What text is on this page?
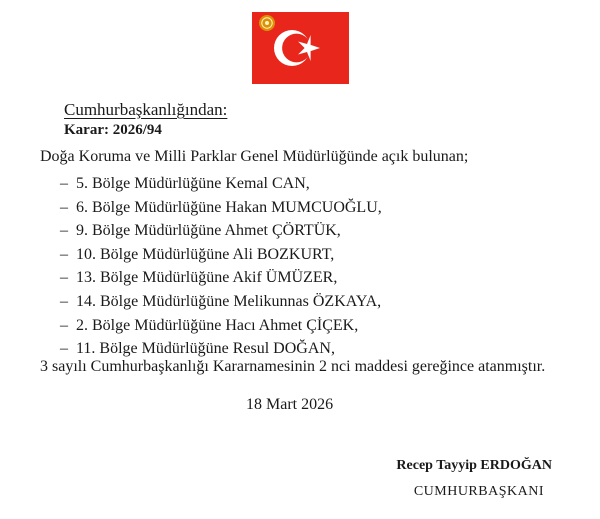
Cumhurbaşkanlığından:
Karar: 2026/94
Doğa Koruma ve Milli Parklar Genel Müdürlüğünde açık bulunan;
– 5. Bölge Müdürlüğüne Kemal CAN,
– 6. Bölge Müdürlüğüne Hakan MUMCUOĞLU,
– 9. Bölge Müdürlüğüne Ahmet ÇÖRTÜK,
– 10. Bölge Müdürlüğüne Ali BOZKURT,
– 13. Bölge Müdürlüğüne Akif ÜMÜZER,
– 14. Bölge Müdürlüğüne Melikunnas ÖZKAYA,
– 2. Bölge Müdürlüğüne Hacı Ahmet ÇİÇEK,
– 11. Bölge Müdürlüğüne Resul DOĞAN,
3 sayılı Cumhurbaşkanlığı Kararnamesinin 2 nci maddesi gereğince atanmıştır.
18 Mart 2026
Recep Tayyip ERDOĞAN
CUMHURBAŞKANI
